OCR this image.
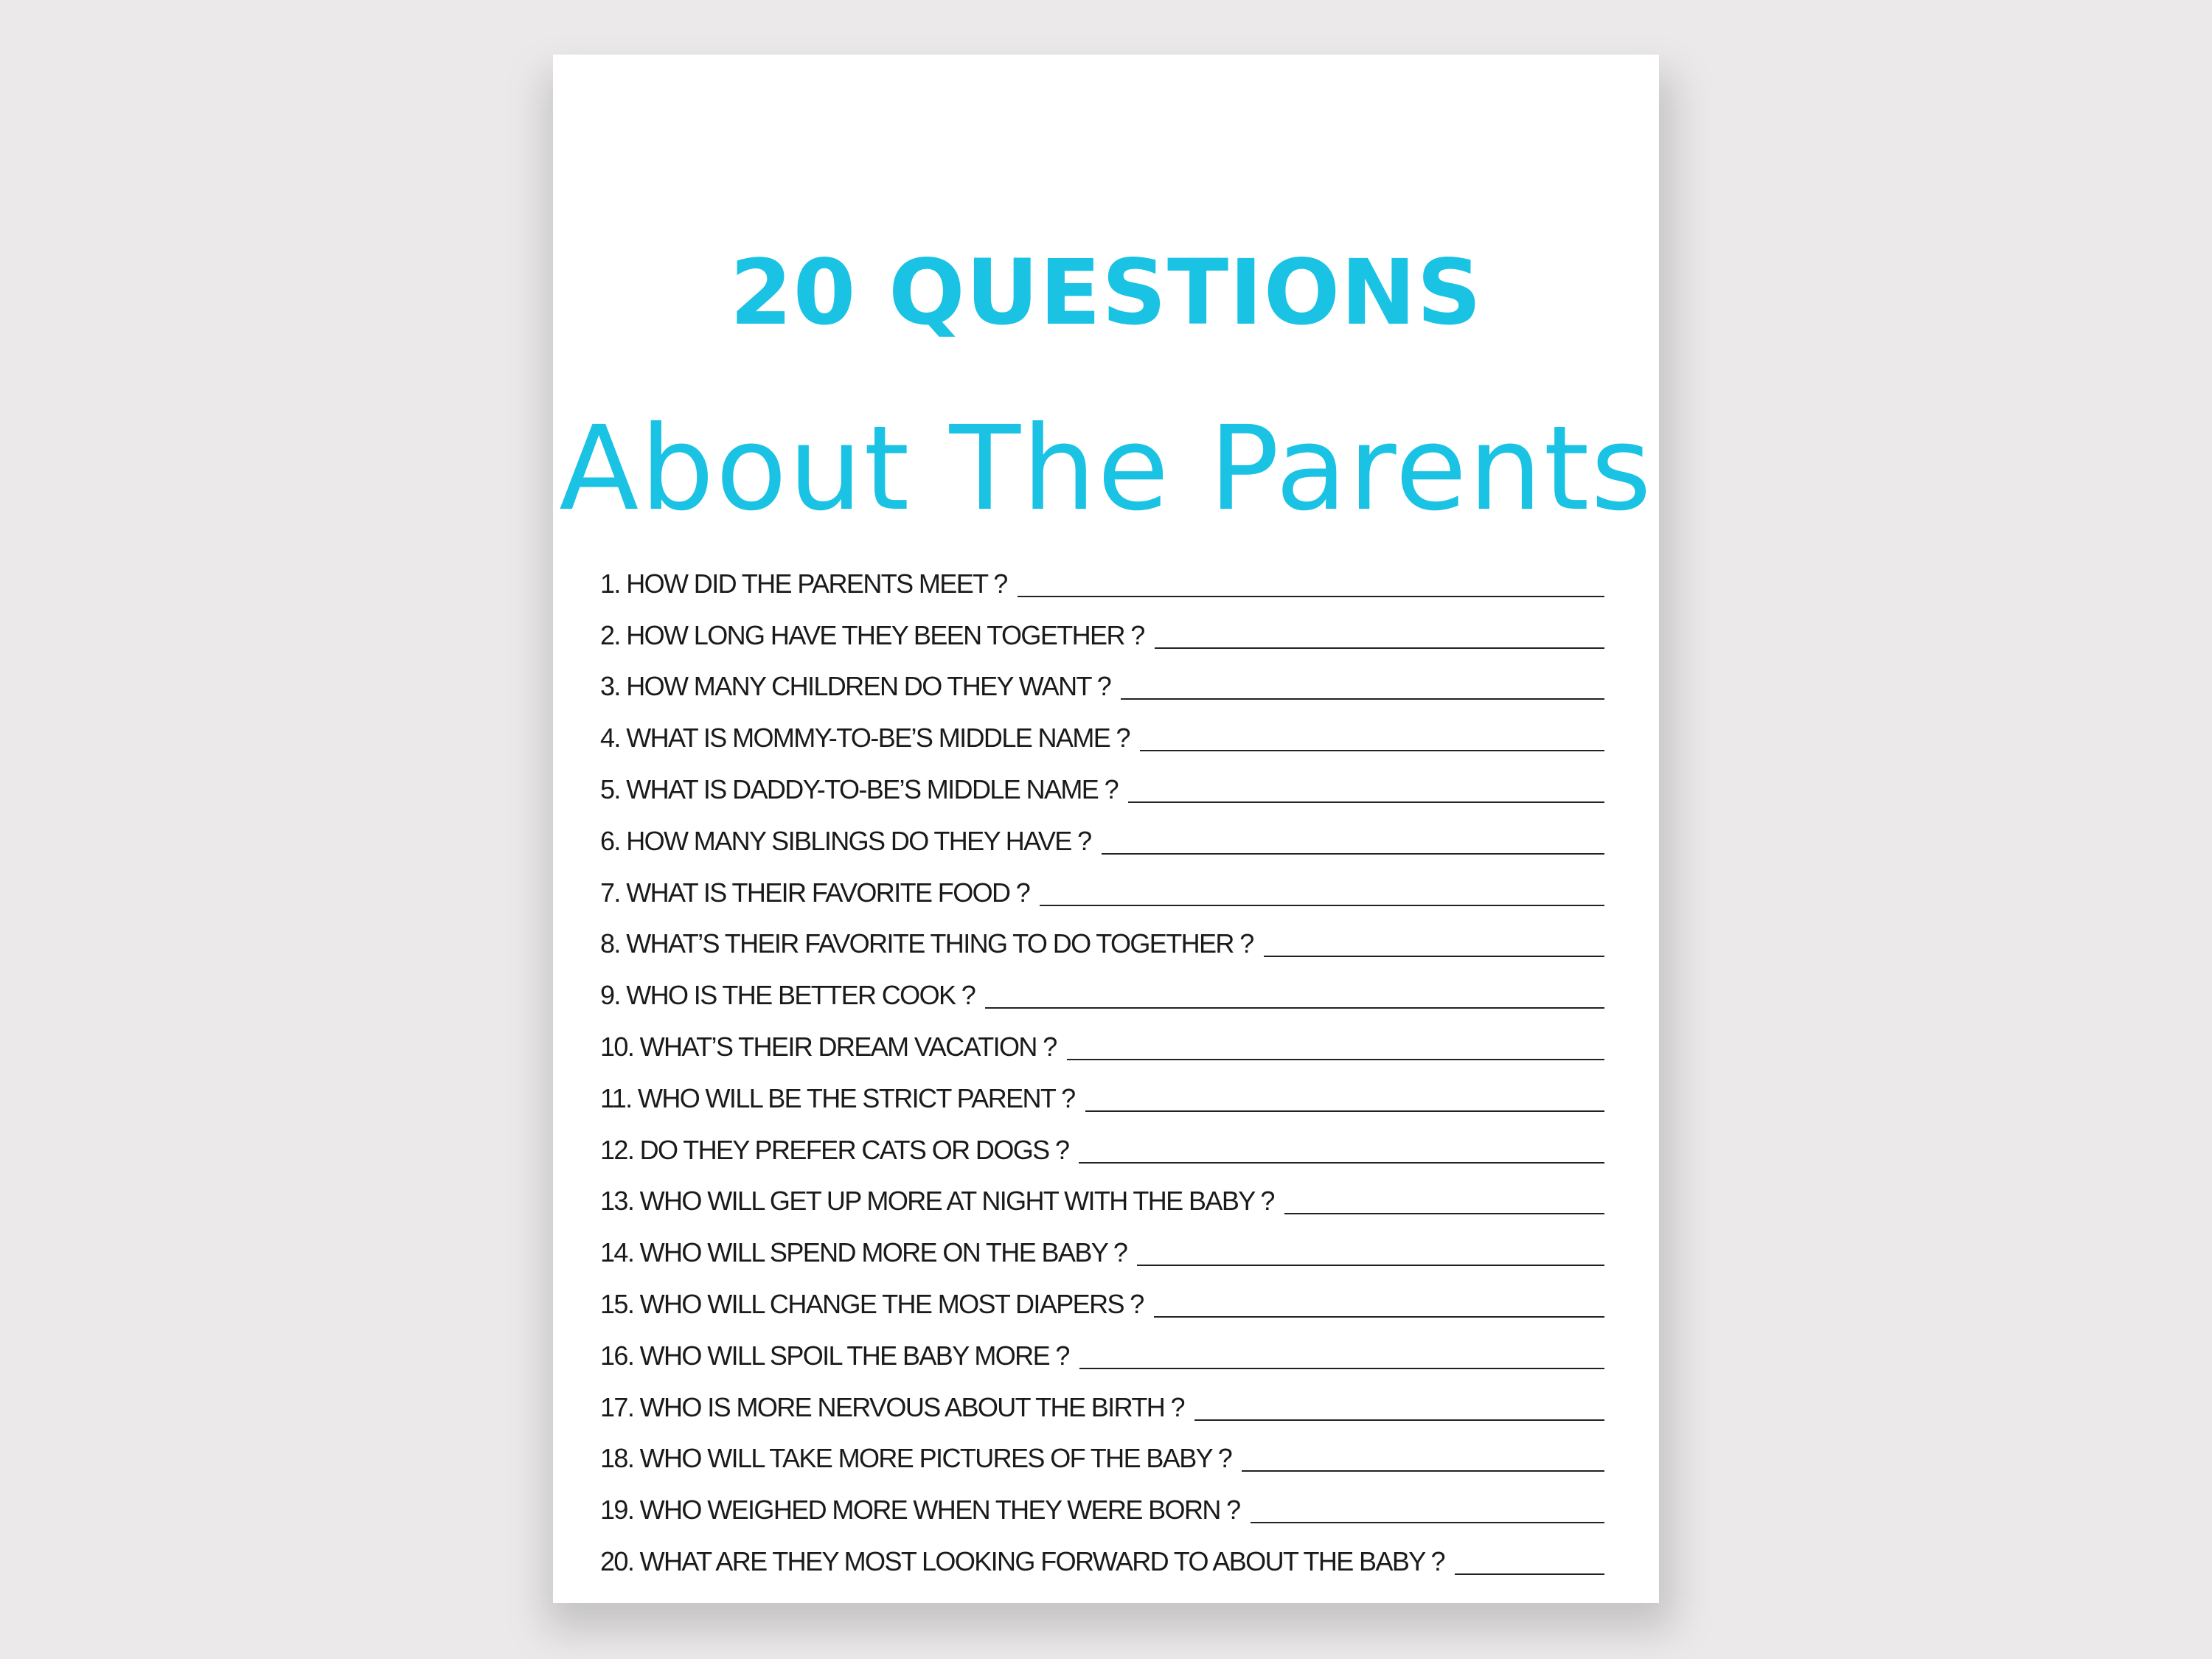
20 QUESTIONS
About The Parents
1. HOW DID THE PARENTS MEET ?
2. HOW LONG HAVE THEY BEEN TOGETHER ?
3. HOW MANY CHILDREN DO THEY WANT ?
4. WHAT IS MOMMY-TO-BE’S MIDDLE NAME ?
5. WHAT IS DADDY-TO-BE’S MIDDLE NAME ?
6. HOW MANY SIBLINGS DO THEY HAVE ?
7. WHAT IS THEIR FAVORITE FOOD ?
8. WHAT’S THEIR FAVORITE THING TO DO TOGETHER ?
9. WHO IS THE BETTER COOK ?
10. WHAT’S THEIR DREAM VACATION ?
11. WHO WILL BE THE STRICT PARENT ?
12. DO THEY PREFER CATS OR DOGS ?
13. WHO WILL GET UP MORE AT NIGHT WITH THE BABY ?
14. WHO WILL SPEND MORE ON THE BABY ?
15. WHO WILL CHANGE THE MOST DIAPERS ?
16. WHO WILL SPOIL THE BABY MORE ?
17. WHO IS MORE NERVOUS ABOUT THE BIRTH ?
18. WHO WILL TAKE MORE PICTURES OF THE BABY ?
19. WHO WEIGHED MORE WHEN THEY WERE BORN ?
20. WHAT ARE THEY MOST LOOKING FORWARD TO ABOUT THE BABY ?
